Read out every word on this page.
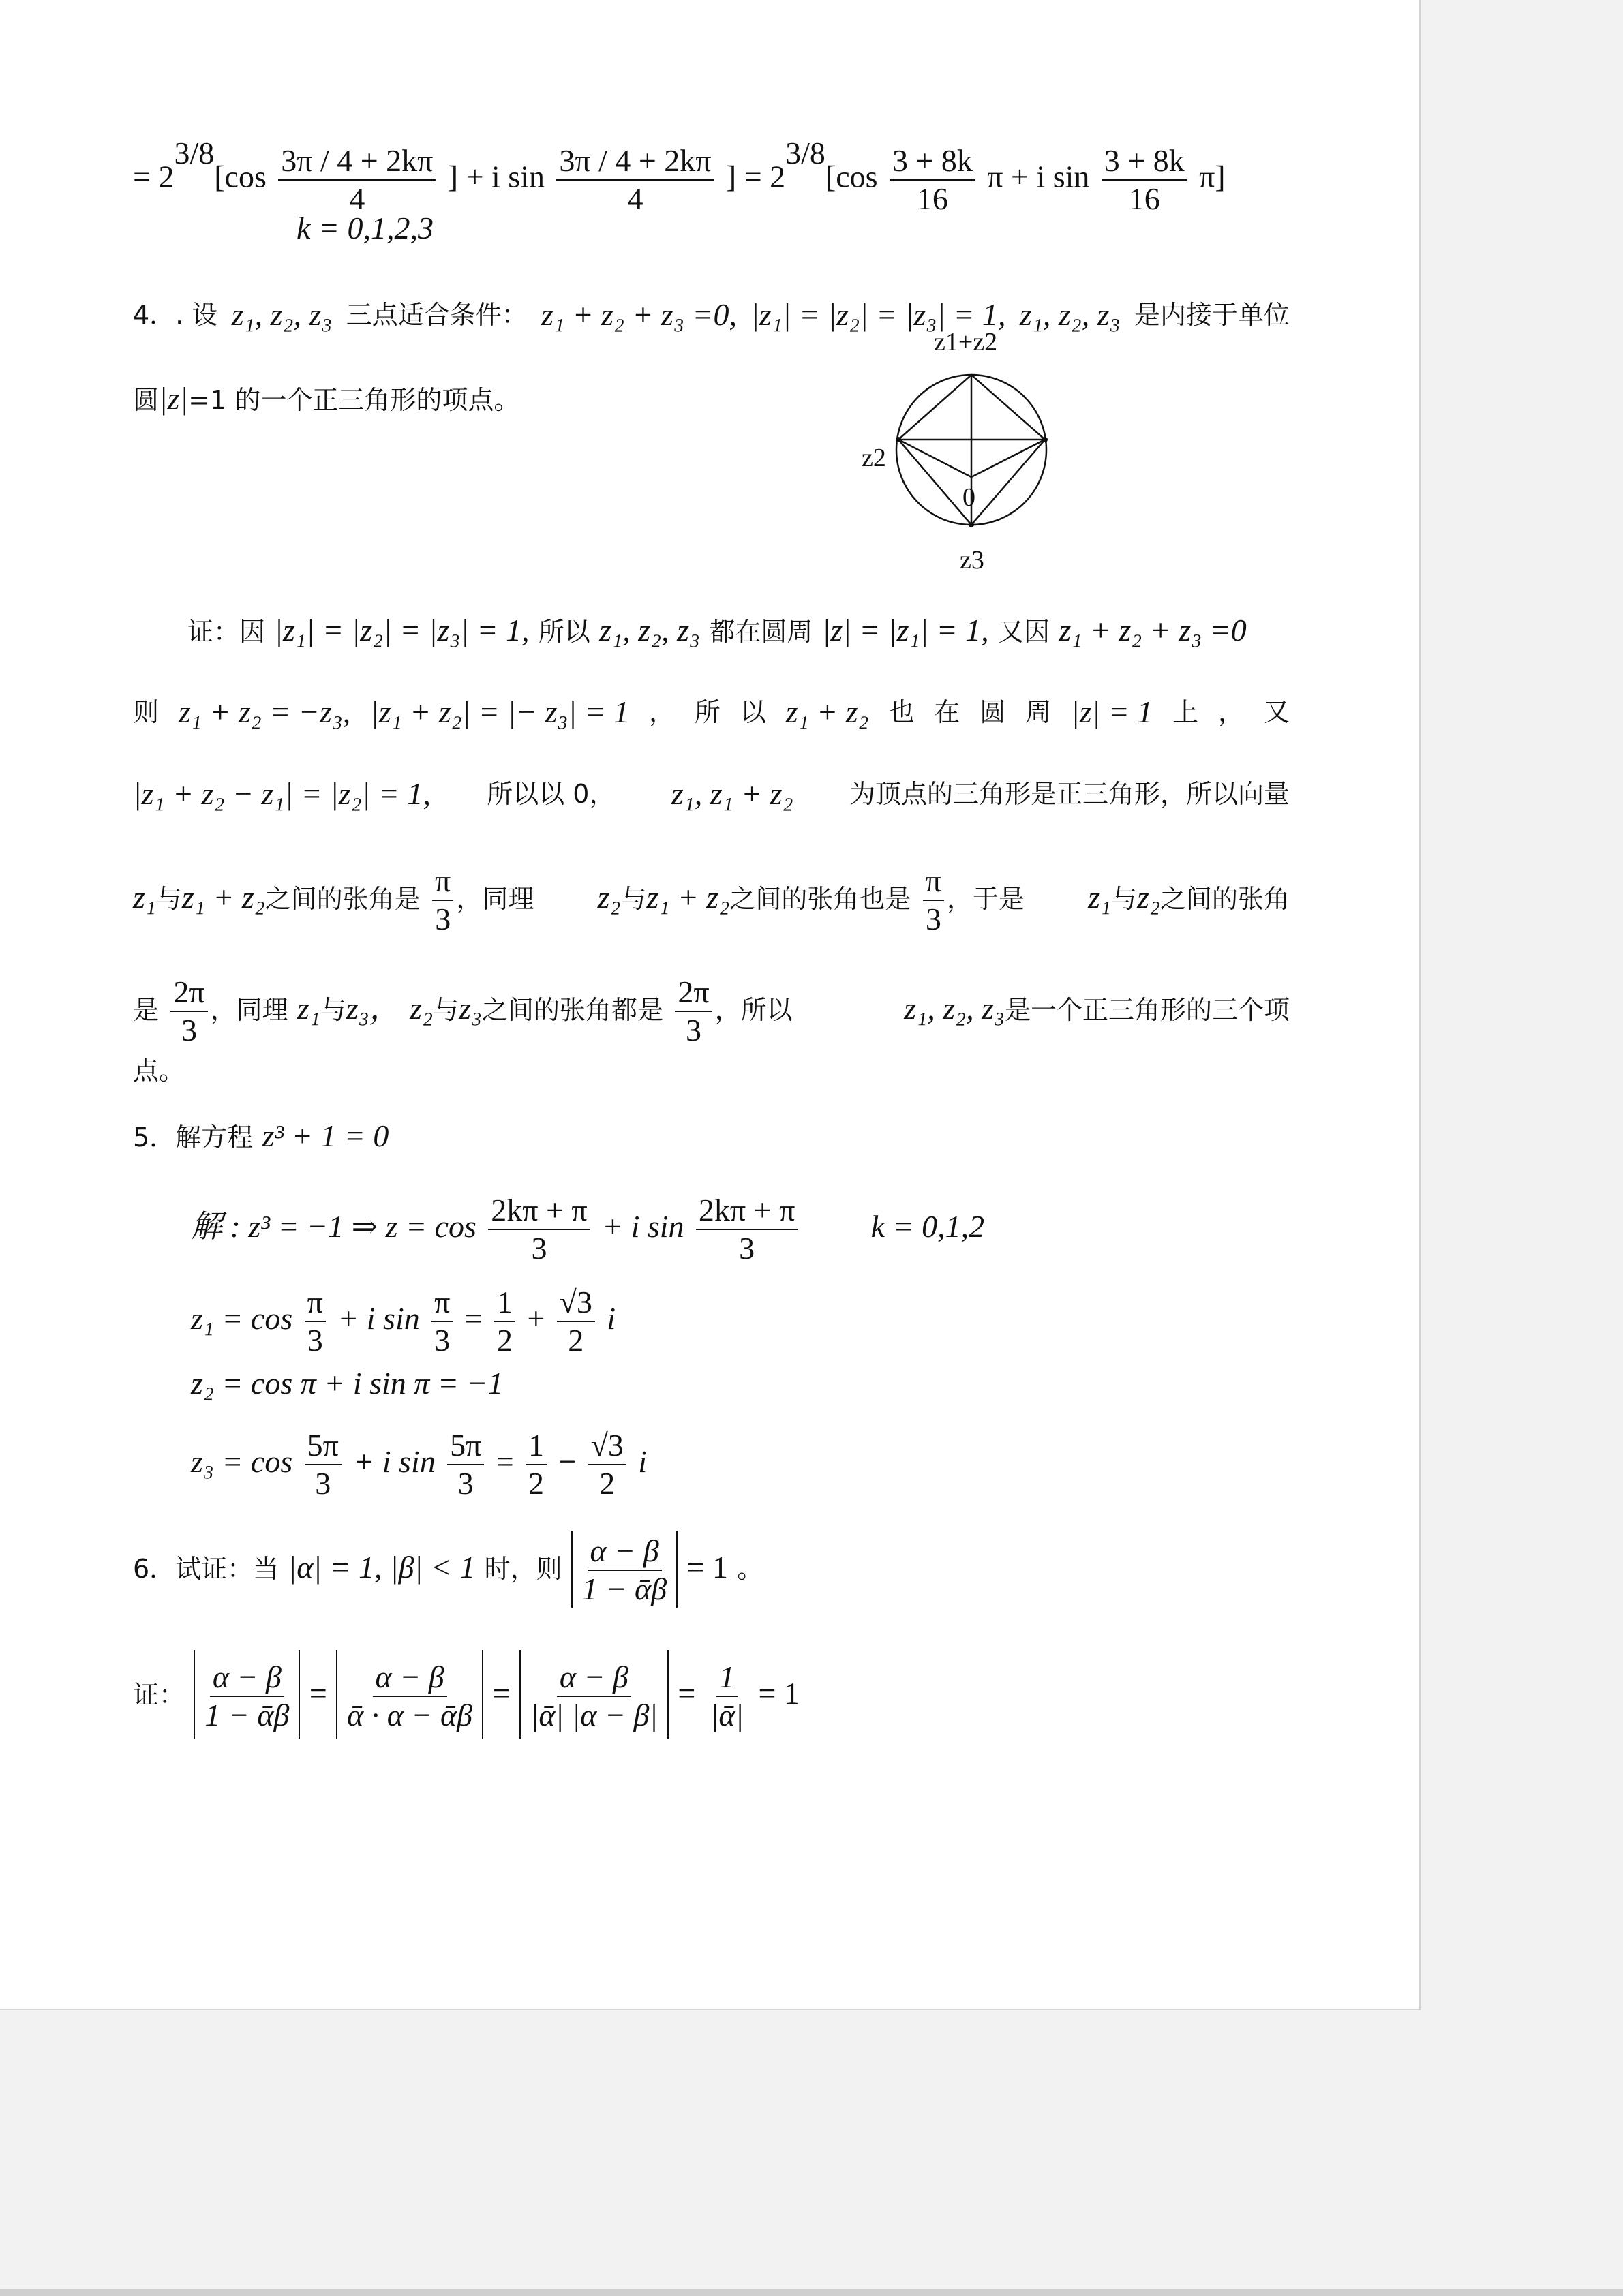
= $2^{3/8}[\cos \frac{3\pi / 4 + 2k\pi}{4}$ ] + i $\sin \frac{3\pi / 4 + 2k\pi}{4}$ ] = $2^{3/8}[\cos \frac{3 + 8k}{16}$ π + i $\sin \frac{3 + 8k}{16} \pi$]
k = 0,1,2,3
4．. 设 z₁, z₂, z₃ 三点适合条件： z₁ + z₂ + z₃ =0, |z₁| = |z₂| = |z₃| = 1, z₁, z₂, z₃ 是内接于单位
圆|z|=1 的一个正三角形的项点。
z1+z2
z2
0
z3
证：因 |z₁| = |z₂| = |z₃| = 1, 所以 z₁, z₂, z₃ 都在圆周 |z| = |z₁| = 1, 又因 z₁ + z₂ + z₃ =0
则 z₁ + z₂ = −z₃, |z₁ + z₂| = |− z₃| = 1 ， 所 以 z₁ + z₂ 也 在 圆 周 |z| = 1 上 ， 又
|z₁ + z₂ − z₁| = |z₂| = 1, 所以以 0， z₁, z₁ + z₂ 为顶点的三角形是正三角形，所以向量
z₁与z₁ + z₂之间的张角是 $\frac{\pi}{3}$ ，同理 z₂与z₁ + z₂之间的张角也是 $\frac{\pi}{3}$ ，于是 z₁与z₂之间的张角
是 $\frac{2\pi}{3}$ ，同理 z₁与z₃， z₂与z₃之间的张角都是 $\frac{2\pi}{3}$ ，所以	z₁, z₂, z₃是一个正三角形的三个项
点。
5．解方程 z³ + 1 = 0
解 : z³ = −1 ⇒ $z = \cos \frac{2k\pi + \pi}{3} + i$ $\sin \frac{2k\pi + \pi}{3}$ k = 0,1,2
$z_1 = \cos \frac{\pi}{3} + i$ $\sin \frac{\pi}{3} = \frac{1}{2} + \frac{√3}{2}$ i
z₂ = cos π + i sin π = −1
$z_3 = \cos \frac{5\pi}{3} + i$ $\sin \frac{5\pi}{3} = \frac{1}{2} - \frac{√3}{2}$ i
6．试证：当 |α| = 1, |β| < 1 时，则 $\frac{\alpha - \beta}{\text{1 − ᾱβ}} = 1$ 。
证： $\frac{\alpha - \beta}{\text{1 − ᾱβ}} = \frac{\alpha - \beta}{\text{ᾱ · α − ᾱβ}} = \frac{\alpha - \beta}{\text{|ᾱ| |α − β|}} = \frac{1}{\text{|ᾱ|}} = 1$
